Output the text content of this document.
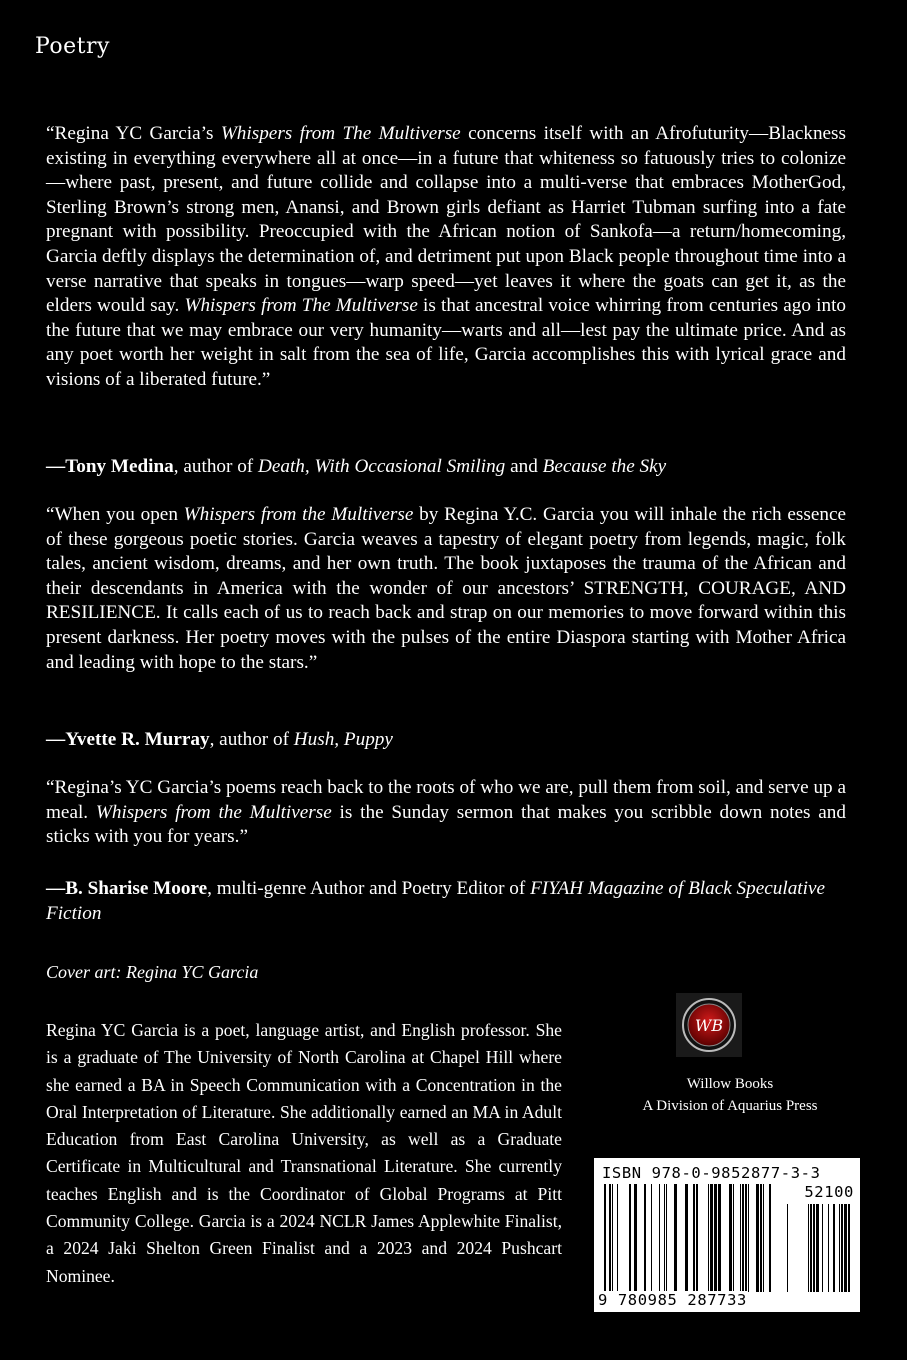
Poetry
“Regina YC Garcia’s Whispers from The Multiverse concerns itself with an Afrofuturity—Blackness existing in everything everywhere all at once—in a future that whiteness so fatuously tries to colonize—where past, present, and future collide and collapse into a multi-verse that embraces MotherGod, Sterling Brown’s strong men, Anansi, and Brown girls defiant as Harriet Tubman surfing into a fate pregnant with possibility. Preoccupied with the African notion of Sankofa—a return/homecoming, Garcia deftly displays the determination of, and detriment put upon Black people throughout time into a verse narrative that speaks in tongues—warp speed—yet leaves it where the goats can get it, as the elders would say. Whispers from The Multiverse is that ancestral voice whirring from centuries ago into the future that we may embrace our very humanity—warts and all—lest pay the ultimate price. And as any poet worth her weight in salt from the sea of life, Garcia accomplishes this with lyrical grace and visions of a liberated future.”
—Tony Medina, author of Death, With Occasional Smiling and Because the Sky
“When you open Whispers from the Multiverse by Regina Y.C. Garcia you will inhale the rich essence of these gorgeous poetic stories. Garcia weaves a tapestry of elegant poetry from legends, magic, folk tales, ancient wisdom, dreams, and her own truth. The book juxtaposes the trauma of the African and their descendants in America with the wonder of our ancestors’ STRENGTH, COURAGE, AND RESILIENCE. It calls each of us to reach back and strap on our memories to move forward within this present darkness. Her poetry moves with the pulses of the entire Diaspora starting with Mother Africa and leading with hope to the stars.”
—Yvette R. Murray, author of Hush, Puppy
“Regina’s YC Garcia’s poems reach back to the roots of who we are, pull them from soil, and serve up a meal. Whispers from the Multiverse is the Sunday sermon that makes you scribble down notes and sticks with you for years.”
—B. Sharise Moore, multi-genre Author and Poetry Editor of FIYAH Magazine of Black Speculative Fiction
Cover art: Regina YC Garcia
Regina YC Garcia is a poet, language artist, and English professor. She is a graduate of The University of North Carolina at Chapel Hill where she earned a BA in Speech Communication with a Concentration in the Oral Interpretation of Literature. She additionally earned an MA in Adult Education from East Carolina University, as well as a Graduate Certificate in Multicultural and Transnational Literature. She currently teaches English and is the Coordinator of Global Programs at Pitt Community College. Garcia is a 2024 NCLR James Applewhite Finalist, a 2024 Jaki Shelton Green Finalist and a 2023 and 2024 Pushcart Nominee.
WB
Willow Books
A Division of Aquarius Press
ISBN 978-0-9852877-3-3
52100
9 780985 287733
